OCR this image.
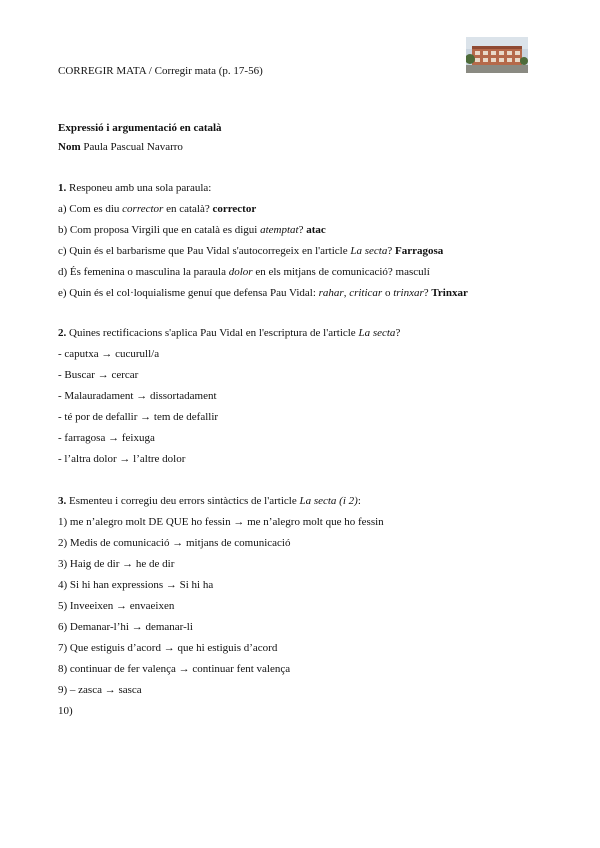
CORREGIR MATA / Corregir mata (p. 17-56)
Expressió i argumentació en català
Nom Paula Pascual Navarro
1. Responeu amb una sola paraula:
a) Com es diu corrector en català? corrector
b) Com proposa Virgili que en català es digui atemptat? atac
c) Quin és el barbarisme que Pau Vidal s'autocorregeix en l'article La secta? Farragosa
d) És femenina o masculina la paraula dolor en els mitjans de comunicació? masculí
e) Quin és el col·loquialisme genuí que defensa Pau Vidal: rahar, criticar o trinxar? Trinxar
2. Quines rectificacions s'aplica Pau Vidal en l'escriptura de l'article La secta?
- caputxa → cucurull/a
- Buscar → cercar
- Malauradament → dissortadament
- té por de defallir → tem de defallir
- farragosa → feixuga
- l’altra dolor → l’altre dolor
3. Esmenteu i corregiu deu errors sintàctics de l'article La secta (i 2):
1) me n’alegro molt DE QUE ho fessin → me n’alegro molt que ho fessin
2) Medis de comunicació → mitjans de comunicació
3) Haig de dir → he de dir
4) Si hi han expressions → Si hi ha
5) Inveeixen → envaeixen
6) Demanar-l’hi → demanar-li
7) Que estiguis d’acord → que hi estiguis d’acord
8) continuar de fer valença → continuar fent valença
9) – zasca → sasca
10)
